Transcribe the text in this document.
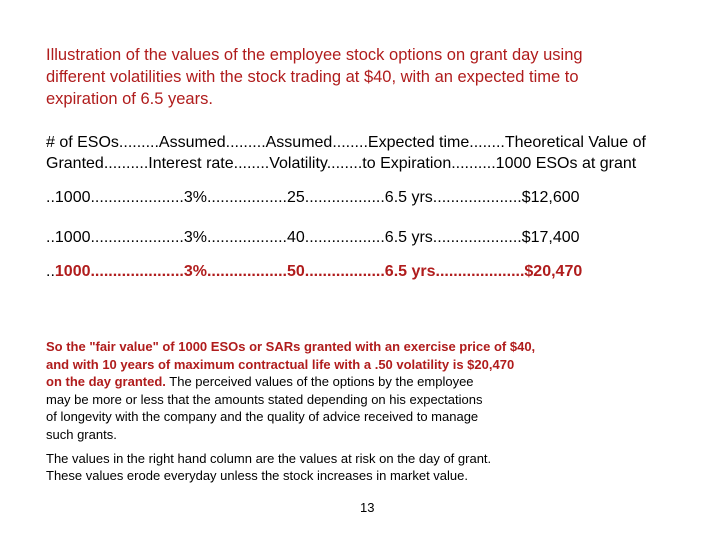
Illustration of the values of the employee stock options on grant day using
different volatilities with the stock trading at $40, with an expected time to
expiration of 6.5 years.
# of ESOs.........Assumed.........Assumed........Expected time........Theoretical Value of
Granted..........Interest rate........Volatility........to Expiration..........1000 ESOs at grant
..1000.....................3%..................25..................6.5 yrs....................$12,600
..1000.....................3%..................40..................6.5 yrs....................$17,400
..1000.....................3%..................50..................6.5 yrs....................$20,470
So the "fair value" of 1000 ESOs or SARs granted with an exercise price of $40,
and with 10 years of maximum contractual life with a .50 volatility is $20,470
on the day granted. The perceived values of the options by the employee
may be more or less that the amounts stated depending on his expectations
of longevity with the company and the quality of advice received to manage
such grants.
The values in the right hand column are the values at risk on the day of grant.
These values erode everyday unless the stock increases in market value.
13
